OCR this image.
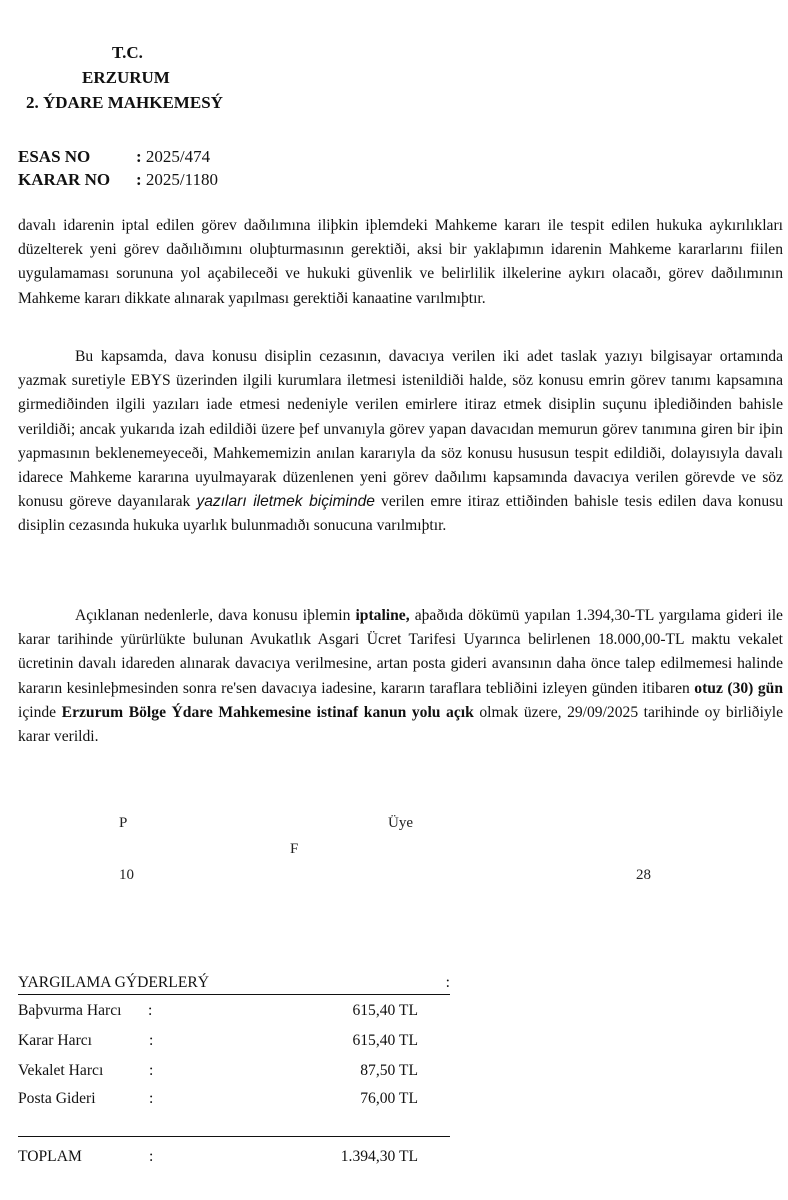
T.C.
ERZURUM
2. ÝDARE MAHKEMESÝ
ESAS NO	: 2025/474
KARAR NO : 2025/1180

davalı idarenin iptal edilen görev daðılımına iliþkin iþlemdeki Mahkeme kararı ile tespit edilen hukuka aykırılıkları düzelterek yeni görev daðılıðımını oluþturmasının gerektiði, aksi bir yaklaþımın idarenin Mahkeme kararlarını fiilen uygulamaması sorununa yol açabileceði ve hukuki güvenlik ve belirlilik ilkelerine aykırı olacaðı, görev daðılımının Mahkeme kararı dikkate alınarak yapılması gerektiði kanaatine varılmıþtır.

Bu kapsamda, dava konusu disiplin cezasının, davacıya verilen iki adet taslak yazıyı bilgisayar ortamında yazmak suretiyle EBYS üzerinden ilgili kurumlara iletmesi istenildiði halde, söz konusu emrin görev tanımı kapsamına girmediðinden ilgili yazıları iade etmesi nedeniyle verilen emirlere itiraz etmek disiplin suçunu iþlediðinden bahisle verildiði; ancak yukarıda izah edildiði üzere þef unvanıyla görev yapan davacıdan memurun görev tanımına giren bir iþin yapmasının beklenemeyeceði, Mahkememizin anılan kararıyla da söz konusu hususun tespit edildiði, dolayısıyla davalı idarece Mahkeme kararına uyulmayarak düzenlenen yeni görev daðılımı kapsamında davacıya verilen görevde ve söz konusu göreve dayanılarak yazıları iletmek biçiminde verilen emre itiraz ettiðinden bahisle tesis edilen dava konusu disiplin cezasında hukuka uyarlık bulunmadıðı sonucuna varılmıþtır.

Açıklanan nedenlerle, dava konusu iþlemin iptaline, aþaðıda dökümü yapılan 1.394,30-TL yargılama gideri ile karar tarihinde yürürlükte bulunan Avukatlık Asgari Ücret Tarifesi Uyarınca belirlenen 18.000,00-TL maktu vekalet ücretinin davalı idareden alınarak davacıya verilmesine, artan posta gideri avansının daha önce talep edilmemesi halinde kararın kesinleþmesinden sonra re'sen davacıya iadesine, kararın taraflara tebliðini izleyen günden itibaren otuz (30) gün içinde Erzurum Bölge Ýdare Mahkemesine istinaf kanun yolu açık olmak üzere, 29/09/2025 tarihinde oy birliðiyle karar verildi.

P	Üye
F
10	28
YARGILAMA GÝDERLERÝ	:
Baþvurma Harcı :	615,40 TL
Karar Harcı	:	615,40 TL
Vekalet Harcı	:	87,50 TL
Posta Gideri	:	76,00 TL
TOPLAM	:	1.394,30 TL
